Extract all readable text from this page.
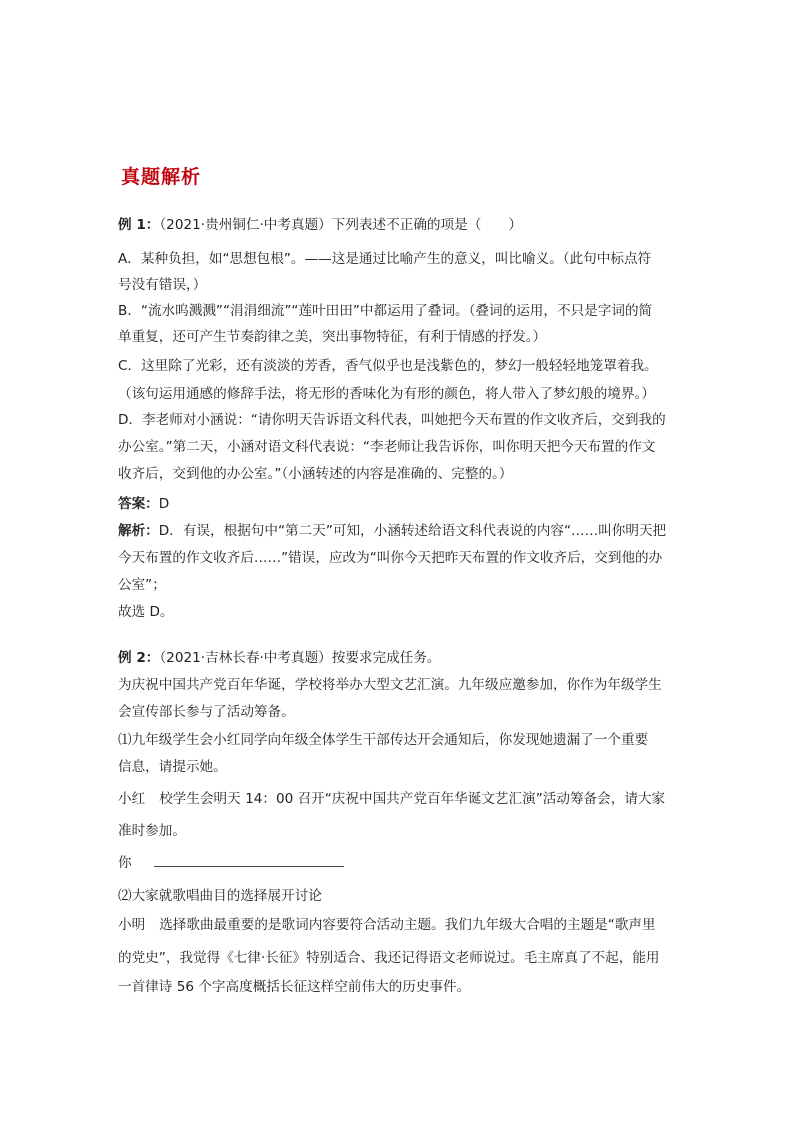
真题解析
例 1：（2021·贵州铜仁·中考真题）下列表述不正确的项是（　　）
A．某种负担，如“思想包根”。——这是通过比喻产生的意义，叫比喻义。（此句中标点符
号没有错误，）
B．“流水呜溅溅”“涓涓细流”“莲叶田田”中都运用了叠词。（叠词的运用，不只是字词的简
单重复，还可产生节奏韵律之美，突出事物特征，有利于情感的抒发。）
C．这里除了光彩，还有淡淡的芳香，香气似乎也是浅紫色的，梦幻一般轻轻地笼罩着我。
（该句运用通感的修辞手法，将无形的香味化为有形的颜色，将人带入了梦幻般的境界。）
D．李老师对小涵说：“请你明天告诉语文科代表，叫她把今天布置的作文收齐后，交到我的
办公室。”第二天，小涵对语文科代表说：“李老师让我告诉你，叫你明天把今天布置的作文
收齐后，交到他的办公室。”（小涵转述的内容是准确的、完整的。）
答案：D
解析：D．有误，根据句中“第二天”可知，小涵转述给语文科代表说的内容“……叫你明天把
今天布置的作文收齐后……”错误，应改为“叫你今天把昨天布置的作文收齐后，交到他的办
公室”；
故选 D。
例 2：（2021·吉林长春·中考真题）按要求完成任务。
为庆祝中国共产党百年华诞，学校将举办大型文艺汇演。九年级应邀参加，你作为年级学生
会宣传部长参与了活动筹备。
⑴九年级学生会小红同学向年级全体学生干部传达开会通知后，你发现她遗漏了一个重要
信息，请提示她。
小红 校学生会明天 14：00 召开“庆祝中国共产党百年华诞文艺汇演”活动筹备会，请大家
准时参加。
你
⑵大家就歌唱曲目的选择展开讨论
小明 选择歌曲最重要的是歌词内容要符合活动主题。我们九年级大合唱的主题是“歌声里
的党史”，我觉得《七律·长征》特别适合、我还记得语文老师说过。毛主席真了不起，能用
一首律诗 56 个字高度概括长征这样空前伟大的历史事件。
